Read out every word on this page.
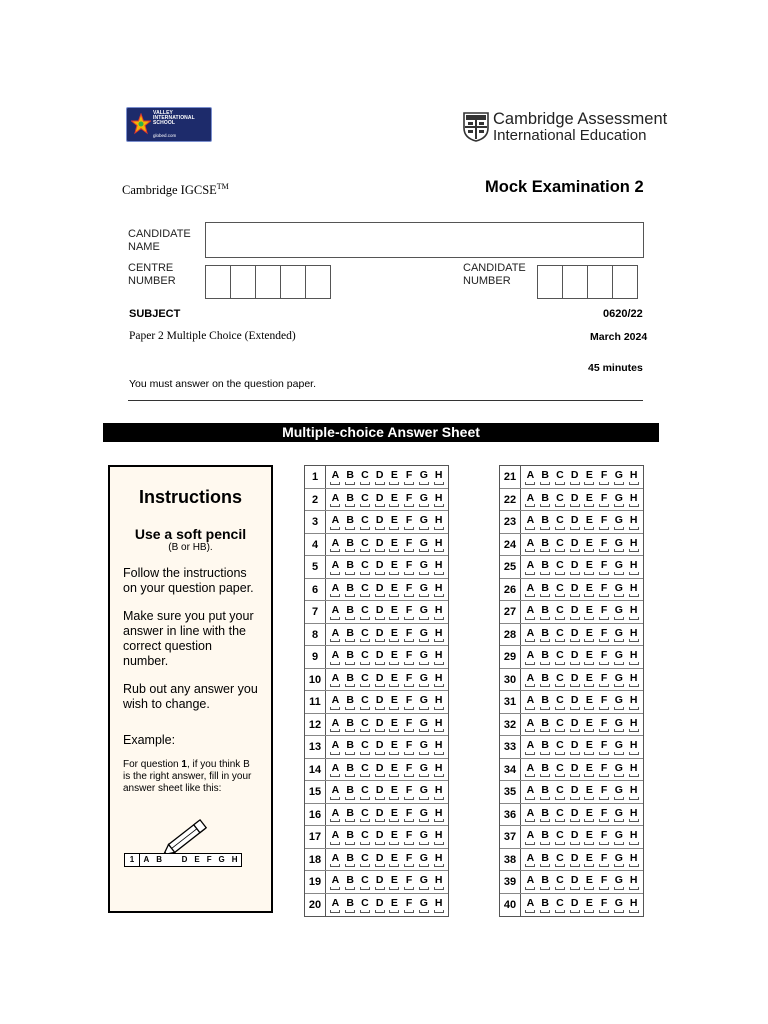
VALLEY
INTERNATIONAL
SCHOOL
globed.com
Cambridge Assessment
International Education
Cambridge IGCSE™	Mock Examination 2
CANDIDATE
NAME
CENTRE
NUMBER
CANDIDATE
NUMBER
SUBJECT	0620/22
Paper 2 Multiple Choice (Extended)	March 2024
45 minutes
You must answer on the question paper.
Multiple-choice Answer Sheet
Instructions
Use a soft pencil
(B or HB).

Follow the instructions on your question paper.

Make sure you put your answer in line with the correct question number.

Rub out any answer you wish to change.

Example:

For question 1, if you think B is the right answer, fill in your answer sheet like this:

1	A B D E F G H
1	A B C D E F G H
2	A B C D E F G H
3	A B C D E F G H
4	A B C D E F G H
5	A B C D E F G H
6	A B C D E F G H
7	A B C D E F G H
8	A B C D E F G H
9	A B C D E F G H
10 A B C D E F G H
11	A B C D E F G H
12 A B C D E F G H
13 A B C D E F G H
14 A B C D E F G H
15 A B C D E F G H
16 A B C D E F G H
17 A B C D E F G H
18 A B C D E F G H
19 A B C D E F G H
20 A B C D E F G H
21 A B C D E F G H
22 A B C D E F G H
23 A B C D E F G H
24 A B C D E F G H
25 A B C D E F G H
26 A B C D E F G H
27 A B C D E F G H
28 A B C D E F G H
29 A B C D E F G H
30 A B C D E F G H
31 A B C D E F G H
32 A B C D E F G H
33 A B C D E F G H
34 A B C D E F G H
35 A B C D E F G H
36 A B C D E F G H
37 A B C D E F G H
38 A B C D E F G H
39 A B C D E F G H
40 A B C D E F G H
